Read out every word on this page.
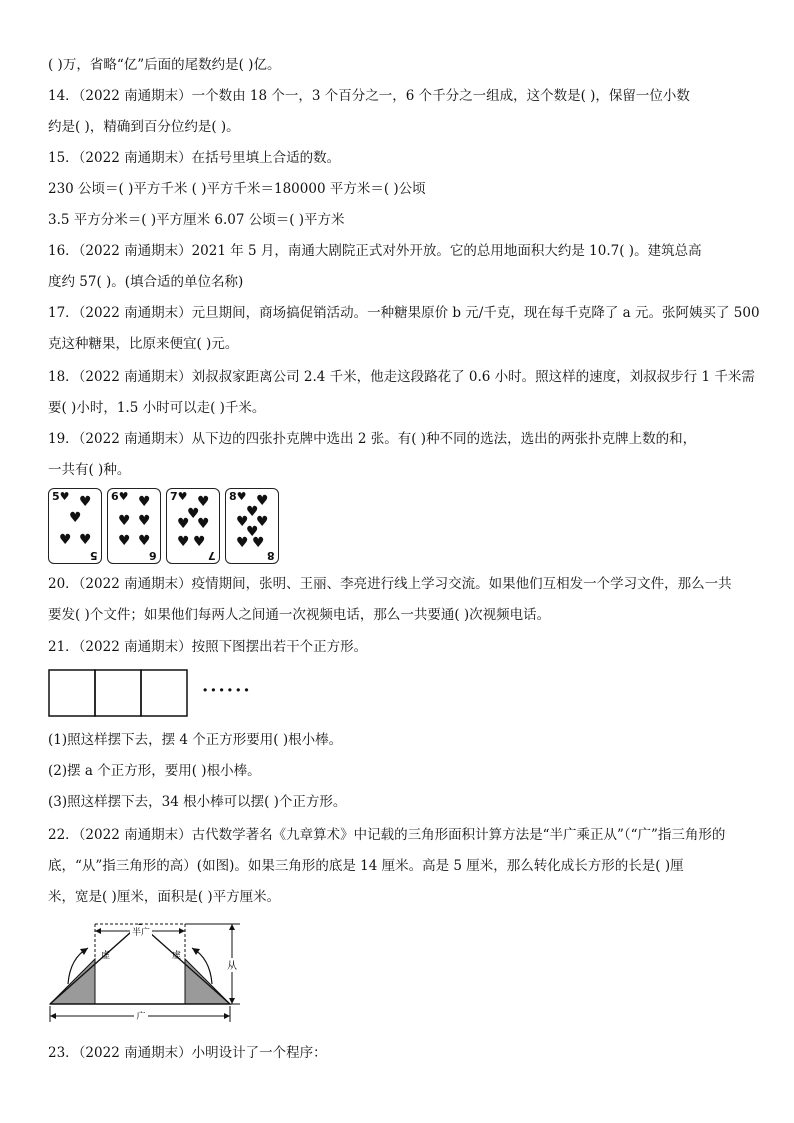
( )万，省略“亿”后面的尾数约是( )亿。
14．（2022 南通期末）一个数由 18 个一，3 个百分之一，6 个千分之一组成，这个数是( )，保留一位小数
约是( )，精确到百分位约是( )。
15．（2022 南通期末）在括号里填上合适的数。
230 公顷＝( )平方千米 ( )平方千米＝180000 平方米＝( )公顷
3.5 平方分米＝( )平方厘米 6.07 公顷＝( )平方米
16．（2022 南通期末）2021 年 5 月，南通大剧院正式对外开放。它的总用地面积大约是 10.7( )。建筑总高
度约 57( )。(填合适的单位名称)
17．（2022 南通期末）元旦期间，商场搞促销活动。一种糖果原价 b 元/千克，现在每千克降了 a 元。张阿姨买了 500
克这种糖果，比原来便宜( )元。
18．（2022 南通期末）刘叔叔家距离公司 2.4 千米，他走这段路花了 0.6 小时。照这样的速度，刘叔叔步行 1 千米需
要( )小时，1.5 小时可以走( )千米。
19．（2022 南通期末）从下边的四张扑克牌中选出 2 张。有( )种不同的选法，选出的两张扑克牌上数的和，
一共有( )种。
5♥
♥
♥ ♥
♥
5
6♥ ♥
♥ ♥
♥ ♥
6
7♥ ♥
♥
♥ ♥
♥ ♥
7
8♥ ♥
♥
♥ ♥
♥
♥ ♥
8
20．（2022 南通期末）疫情期间，张明、王丽、李亮进行线上学习交流。如果他们互相发一个学习文件，那么一共
要发( )个文件；如果他们每两人之间通一次视频电话，那么一共要通( )次视频电话。
21．（2022 南通期末）按照下图摆出若干个正方形。
······
(1)照这样摆下去，摆 4 个正方形要用( )根小棒。
(2)摆 a 个正方形，要用( )根小棒。
(3)照这样摆下去，34 根小棒可以摆( )个正方形。
22．（2022 南通期末）古代数学著名《九章算术》中记载的三角形面积计算方法是“半广乘正从”（“广”指三角形的
底，“从”指三角形的高）(如图)。如果三角形的底是 14 厘米。高是 5 厘米，那么转化成长方形的长是( )厘
米，宽是( )厘米，面积是( )平方厘米。
半广
从
广
虚	虚
23．（2022 南通期末）小明设计了一个程序：
